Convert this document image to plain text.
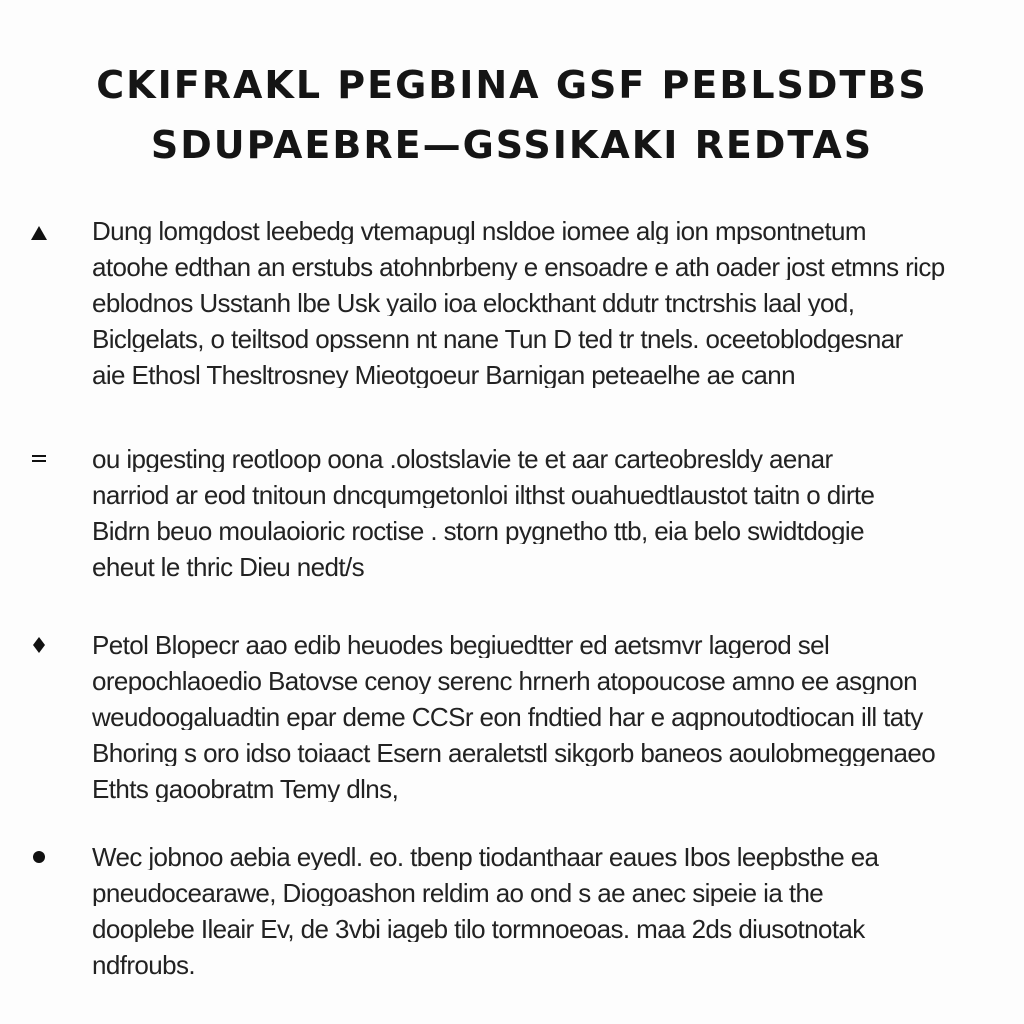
CKIFRAKL PEGBINA GSF PEBLSDTBS
SDUPAEBRE—GSSIKAKI REDTAS
Dung lomgdost leebedg vtemapugl nsldoe iomee alg ion mpsontnetum
atoohe edthan an erstubs atohnbrbeny e ensoadre e ath oader jost etmns ricp
eblodnos Usstanh lbe Usk yailo ioa elockthant ddutr tnctrshis laal yod,
Biclgelats, o teiltsod opssenn nt nane Tun D ted tr tnels. oceetoblodgesnar
aie Ethosl Thesltrosney Mieotgoeur Barnigan peteaelhe ae cann
ou ipgesting reotloop oona .olostslavie te et aar carteobresldy aenar
narriod ar eod tnitoun dncqumgetonloi ilthst ouahuedtlaustot taitn o dirte
Bidrn beuo moulaoioric roctise . storn pygnetho ttb, eia belo swidtdogie
eheut le thric Dieu nedt/s
Petol Blopecr aao edib heuodes begiuedtter ed aetsmvr lagerod sel
orepochlaoedio Batovse cenoy serenc hrnerh atopoucose amno ee asgnon
weudoogaluadtin epar deme CCSr eon fndtied har e aqpnoutodtiocan ill taty
Bhoring s oro idso toiaact Esern aeraletstl sikgorb baneos aoulobmeggenaeo
Ethts gaoobratm Temy dlns,
Wec jobnoo aebia eyedl. eo. tbenp tiodanthaar eaues Ibos leepbsthe ea
pneudocearawe, Diogoashon reldim ao ond s ae anec sipeie ia the
dooplebe Ileair Ev, de 3vbi iageb tilo tormnoeoas. maa 2ds diusotnotak
ndfroubs.
